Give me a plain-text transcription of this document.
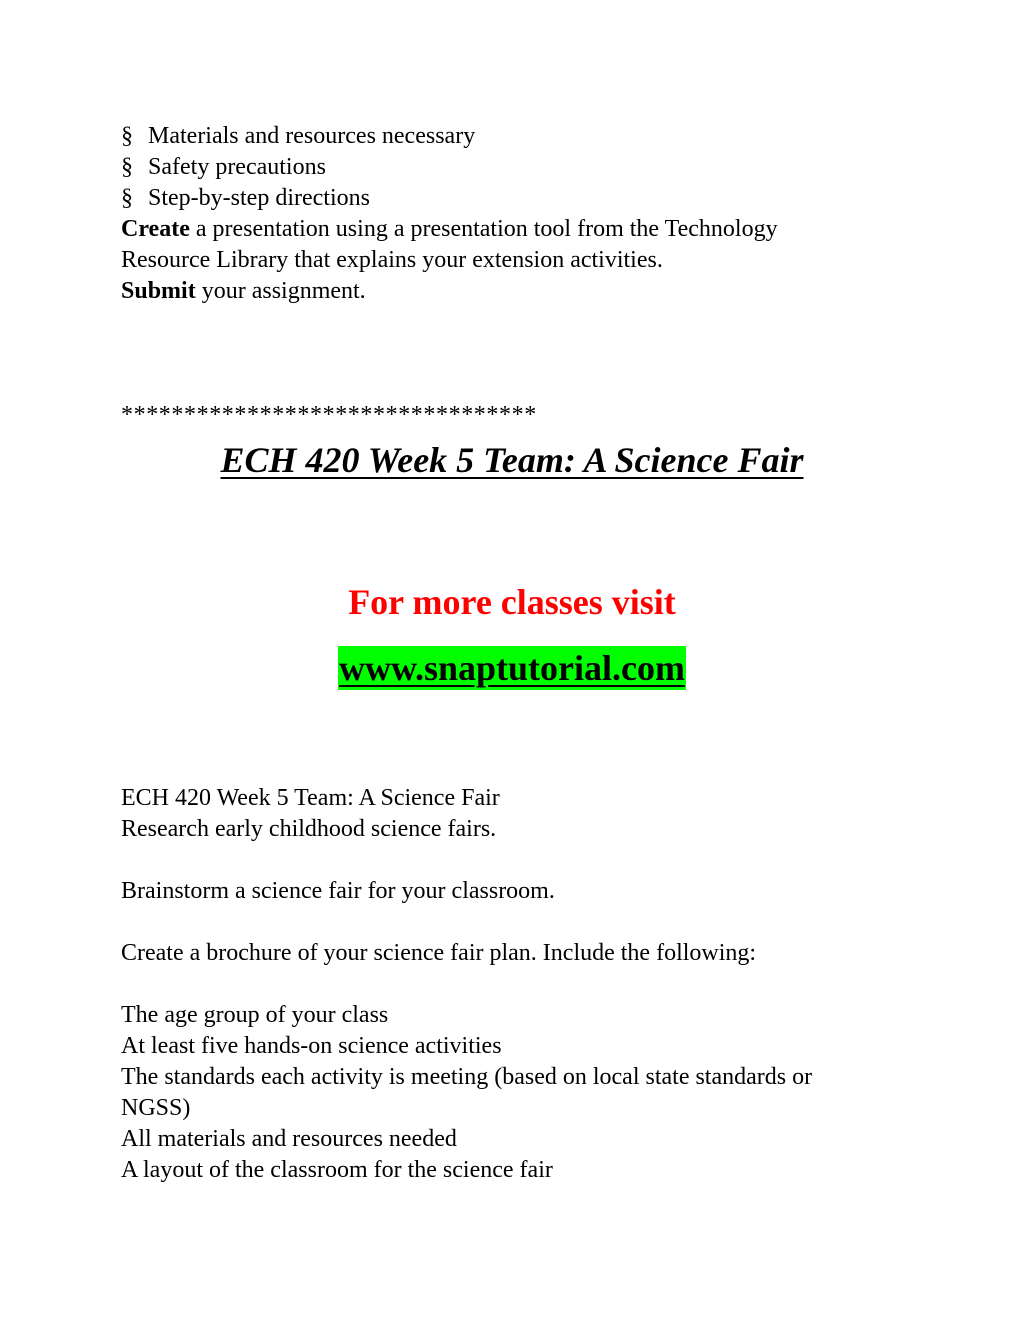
§ Materials and resources necessary

§ Safety precautions

§ Step-by-step directions

Create a presentation using a presentation tool from the Technology

Resource Library that explains your extension activities.

Submit your assignment.

*********************************
ECH 420 Week 5 Team: A Science Fair
For more classes visit
www.snaptutorial.com

ECH 420 Week 5 Team: A Science Fair

Research early childhood science fairs.

Brainstorm a science fair for your classroom.

Create a brochure of your science fair plan. Include the following:

The age group of your class

At least five hands-on science activities

The standards each activity is meeting (based on local state standards or

NGSS)

All materials and resources needed

A layout of the classroom for the science fair
